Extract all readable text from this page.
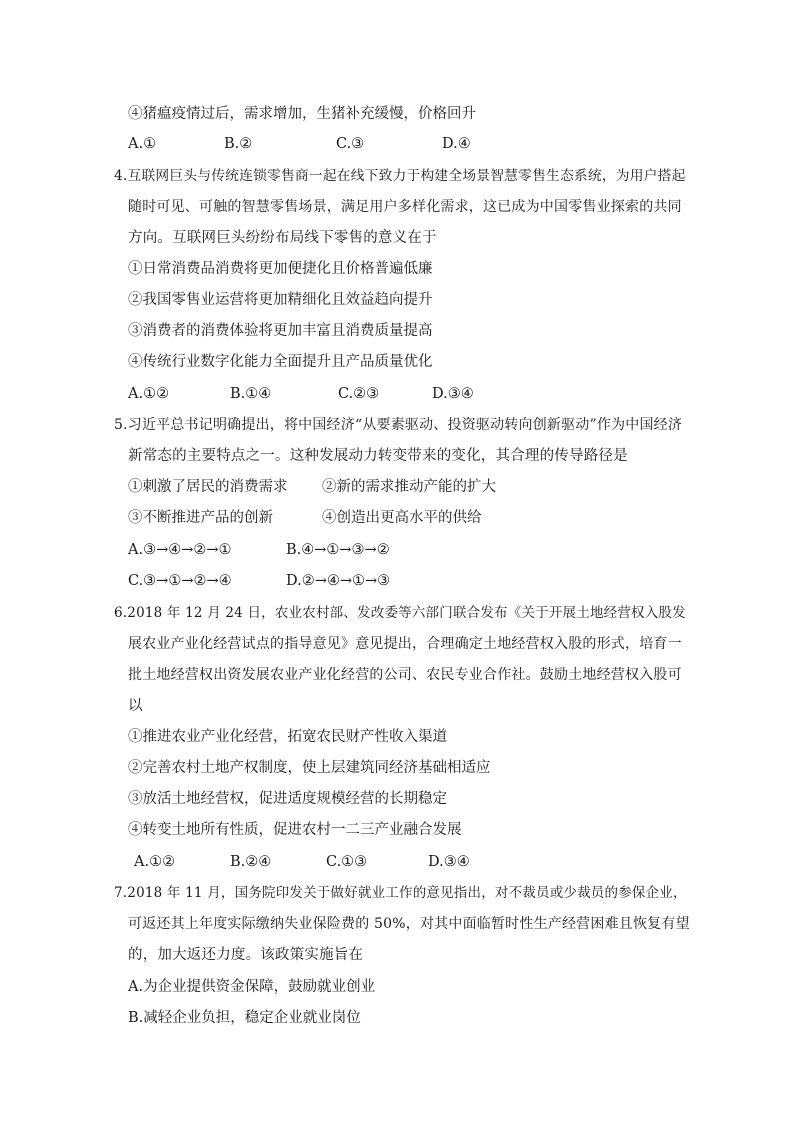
④猪瘟疫情过后，需求增加，生猪补充缓慢，价格回升
A.①	B.②	C.③	D.④
4.互联网巨头与传统连锁零售商一起在线下致力于构建全场景智慧零售生态系统，为用户搭起
随时可见、可触的智慧零售场景，满足用户多样化需求，这已成为中国零售业探索的共同
方向。互联网巨头纷纷布局线下零售的意义在于
①日常消费品消费将更加便捷化且价格普遍低廉
②我国零售业运营将更加精细化且效益趋向提升
③消费者的消费体验将更加丰富且消费质量提高
④传统行业数字化能力全面提升且产品质量优化
A.①②	B.①④	C.②③	D.③④
5.习近平总书记明确提出，将中国经济“从要素驱动、投资驱动转向创新驱动”作为中国经济
新常态的主要特点之一。这种发展动力转变带来的变化，其合理的传导路径是
①刺激了居民的消费需求 ②新的需求推动产能的扩大
③不断推进产品的创新	④创造出更高水平的供给
A.③→④→②→①	B.④→①→③→②
C.③→①→②→④	D.②→④→①→③
6.2018 年 12 月 24 日，农业农村部、发改委等六部门联合发布《关于开展土地经营权入股发
展农业产业化经营试点的指导意见》意见提出，合理确定土地经营权入股的形式，培育一
批土地经营权出资发展农业产业化经营的公司、农民专业合作社。鼓励土地经营权入股可
以
①推进农业产业化经营，拓宽农民财产性收入渠道
②完善农村土地产权制度，使上层建筑同经济基础相适应
③放活土地经营权，促进适度规模经营的长期稳定
④转变土地所有性质，促进农村一二三产业融合发展
A.①②	B.②④	C.①③	D.③④
7.2018 年 11 月，国务院印发关于做好就业工作的意见指出，对不裁员或少裁员的参保企业，
可返还其上年度实际缴纳失业保险费的 50%，对其中面临暂时性生产经营困难且恢复有望
的，加大返还力度。该政策实施旨在
A.为企业提供资金保障，鼓励就业创业
B.减轻企业负担，稳定企业就业岗位
